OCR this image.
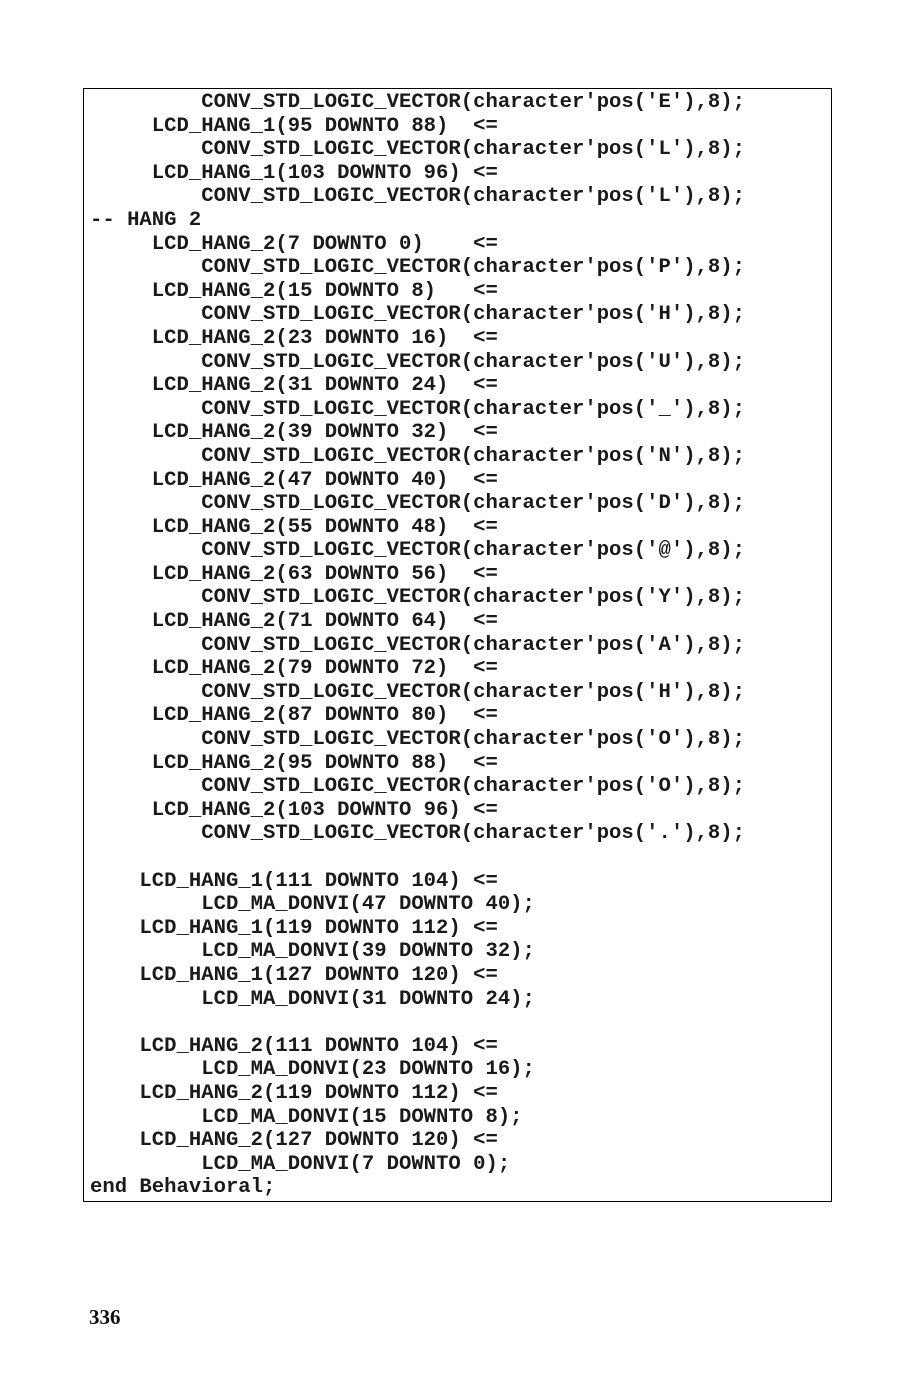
CONV_STD_LOGIC_VECTOR(character'pos('E'),8);
LCD_HANG_1(95 DOWNTO 88)  <=
CONV_STD_LOGIC_VECTOR(character'pos('L'),8);
LCD_HANG_1(103 DOWNTO 96) <=
CONV_STD_LOGIC_VECTOR(character'pos('L'),8);
-- HANG 2
LCD_HANG_2(7 DOWNTO 0)    <=
CONV_STD_LOGIC_VECTOR(character'pos('P'),8);
LCD_HANG_2(15 DOWNTO 8)   <=
CONV_STD_LOGIC_VECTOR(character'pos('H'),8);
LCD_HANG_2(23 DOWNTO 16)  <=
CONV_STD_LOGIC_VECTOR(character'pos('U'),8);
LCD_HANG_2(31 DOWNTO 24)  <=
CONV_STD_LOGIC_VECTOR(character'pos('_'),8);
LCD_HANG_2(39 DOWNTO 32)  <=
CONV_STD_LOGIC_VECTOR(character'pos('N'),8);
LCD_HANG_2(47 DOWNTO 40)  <=
CONV_STD_LOGIC_VECTOR(character'pos('D'),8);
LCD_HANG_2(55 DOWNTO 48)  <=
CONV_STD_LOGIC_VECTOR(character'pos('@'),8);
LCD_HANG_2(63 DOWNTO 56)  <=
CONV_STD_LOGIC_VECTOR(character'pos('Y'),8);
LCD_HANG_2(71 DOWNTO 64)  <=
CONV_STD_LOGIC_VECTOR(character'pos('A'),8);
LCD_HANG_2(79 DOWNTO 72)  <=
CONV_STD_LOGIC_VECTOR(character'pos('H'),8);
LCD_HANG_2(87 DOWNTO 80)  <=
CONV_STD_LOGIC_VECTOR(character'pos('O'),8);
LCD_HANG_2(95 DOWNTO 88)  <=
CONV_STD_LOGIC_VECTOR(character'pos('O'),8);
LCD_HANG_2(103 DOWNTO 96) <=
CONV_STD_LOGIC_VECTOR(character'pos('.'),8);
LCD_HANG_1(111 DOWNTO 104) <=
LCD_MA_DONVI(47 DOWNTO 40);
LCD_HANG_1(119 DOWNTO 112) <=
LCD_MA_DONVI(39 DOWNTO 32);
LCD_HANG_1(127 DOWNTO 120) <=
LCD_MA_DONVI(31 DOWNTO 24);
LCD_HANG_2(111 DOWNTO 104) <=
LCD_MA_DONVI(23 DOWNTO 16);
LCD_HANG_2(119 DOWNTO 112) <=
LCD_MA_DONVI(15 DOWNTO 8);
LCD_HANG_2(127 DOWNTO 120) <=
LCD_MA_DONVI(7 DOWNTO 0);
end Behavioral;
336
